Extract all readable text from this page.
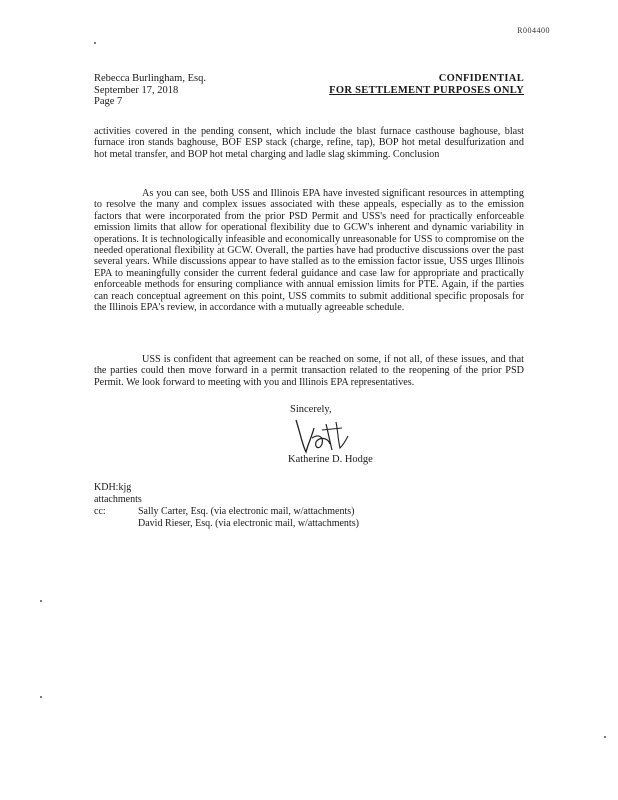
R004400
Rebecca Burlingham, Esq.
September 17, 2018
Page 7
CONFIDENTIAL
FOR SETTLEMENT PURPOSES ONLY
activities covered in the pending consent, which include the blast furnace casthouse baghouse, blast furnace iron stands baghouse, BOF ESP stack (charge, refine, tap), BOP hot metal desulfurization and hot metal transfer, and BOP hot metal charging and ladle slag skimming. Conclusion
As you can see, both USS and Illinois EPA have invested significant resources in attempting to resolve the many and complex issues associated with these appeals, especially as to the emission factors that were incorporated from the prior PSD Permit and USS's need for practically enforceable emission limits that allow for operational flexibility due to GCW's inherent and dynamic variability in operations. It is technologically infeasible and economically unreasonable for USS to compromise on the needed operational flexibility at GCW. Overall, the parties have had productive discussions over the past several years. While discussions appear to have stalled as to the emission factor issue, USS urges Illinois EPA to meaningfully consider the current federal guidance and case law for appropriate and practically enforceable methods for ensuring compliance with annual emission limits for PTE. Again, if the parties can reach conceptual agreement on this point, USS commits to submit additional specific proposals for the Illinois EPA's review, in accordance with a mutually agreeable schedule.
USS is confident that agreement can be reached on some, if not all, of these issues, and that the parties could then move forward in a permit transaction related to the reopening of the prior PSD Permit. We look forward to meeting with you and Illinois EPA representatives.
Sincerely,
Katherine D. Hodge
KDH:kjg
attachments
cc:	Sally Carter, Esq. (via electronic mail, w/attachments)
David Rieser, Esq. (via electronic mail, w/attachments)
